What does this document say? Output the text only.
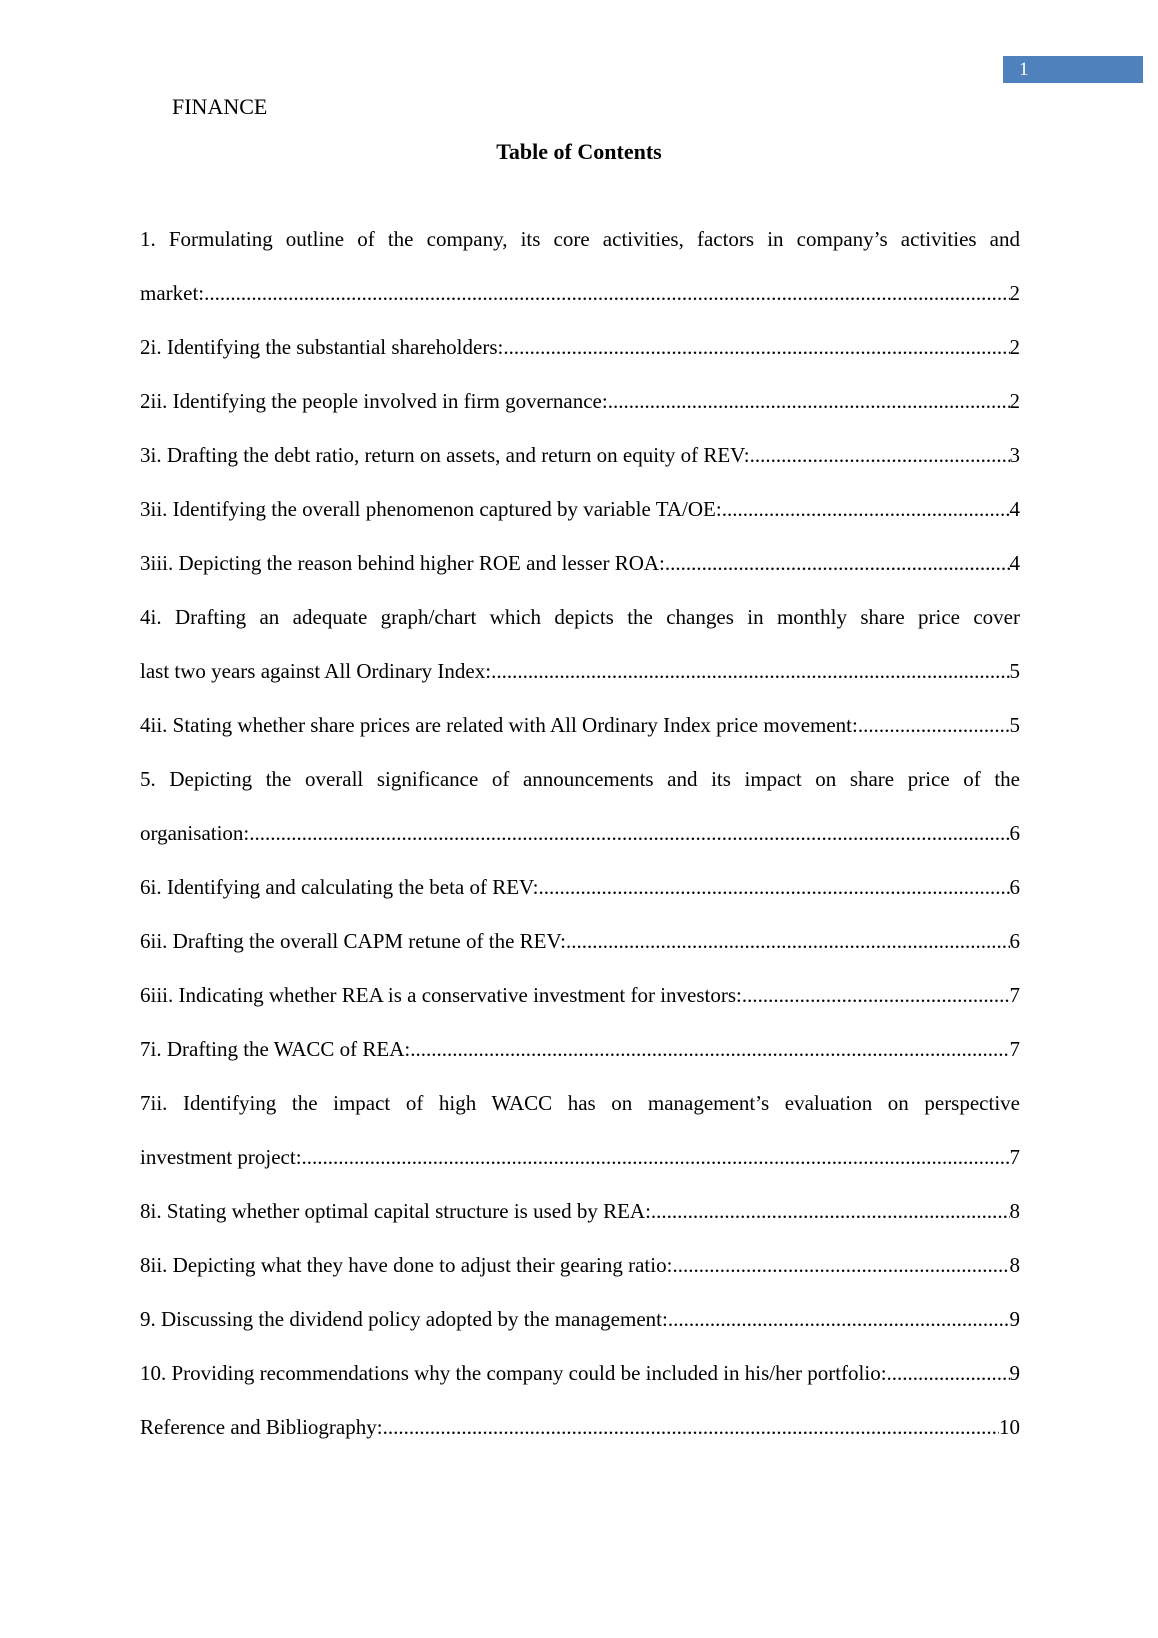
1
FINANCE
Table of Contents
1. Formulating outline of the company, its core activities, factors in company’s activities and
market: .....	2
2i. Identifying the substantial shareholders: .....	2
2ii. Identifying the people involved in firm governance: .....	2
3i. Drafting the debt ratio, return on assets, and return on equity of REV: .....	3
3ii. Identifying the overall phenomenon captured by variable TA/OE: .....	4
3iii. Depicting the reason behind higher ROE and lesser ROA: .....	4
4i. Drafting an adequate graph/chart which depicts the changes in monthly share price cover
last two years against All Ordinary Index: .....	5
4ii. Stating whether share prices are related with All Ordinary Index price movement: .....	5
5. Depicting the overall significance of announcements and its impact on share price of the
organisation: .....	6
6i. Identifying and calculating the beta of REV: .....	6
6ii. Drafting the overall CAPM retune of the REV: .....	6
6iii. Indicating whether REA is a conservative investment for investors: .....	7
7i. Drafting the WACC of REA: .....	7
7ii. Identifying the impact of high WACC has on management’s evaluation on perspective
investment project: .....	7
8i. Stating whether optimal capital structure is used by REA: .....	8
8ii. Depicting what they have done to adjust their gearing ratio: .....	8
9. Discussing the dividend policy adopted by the management: .....	9
10. Providing recommendations why the company could be included in his/her portfolio: .....	9
Reference and Bibliography: .....	10
